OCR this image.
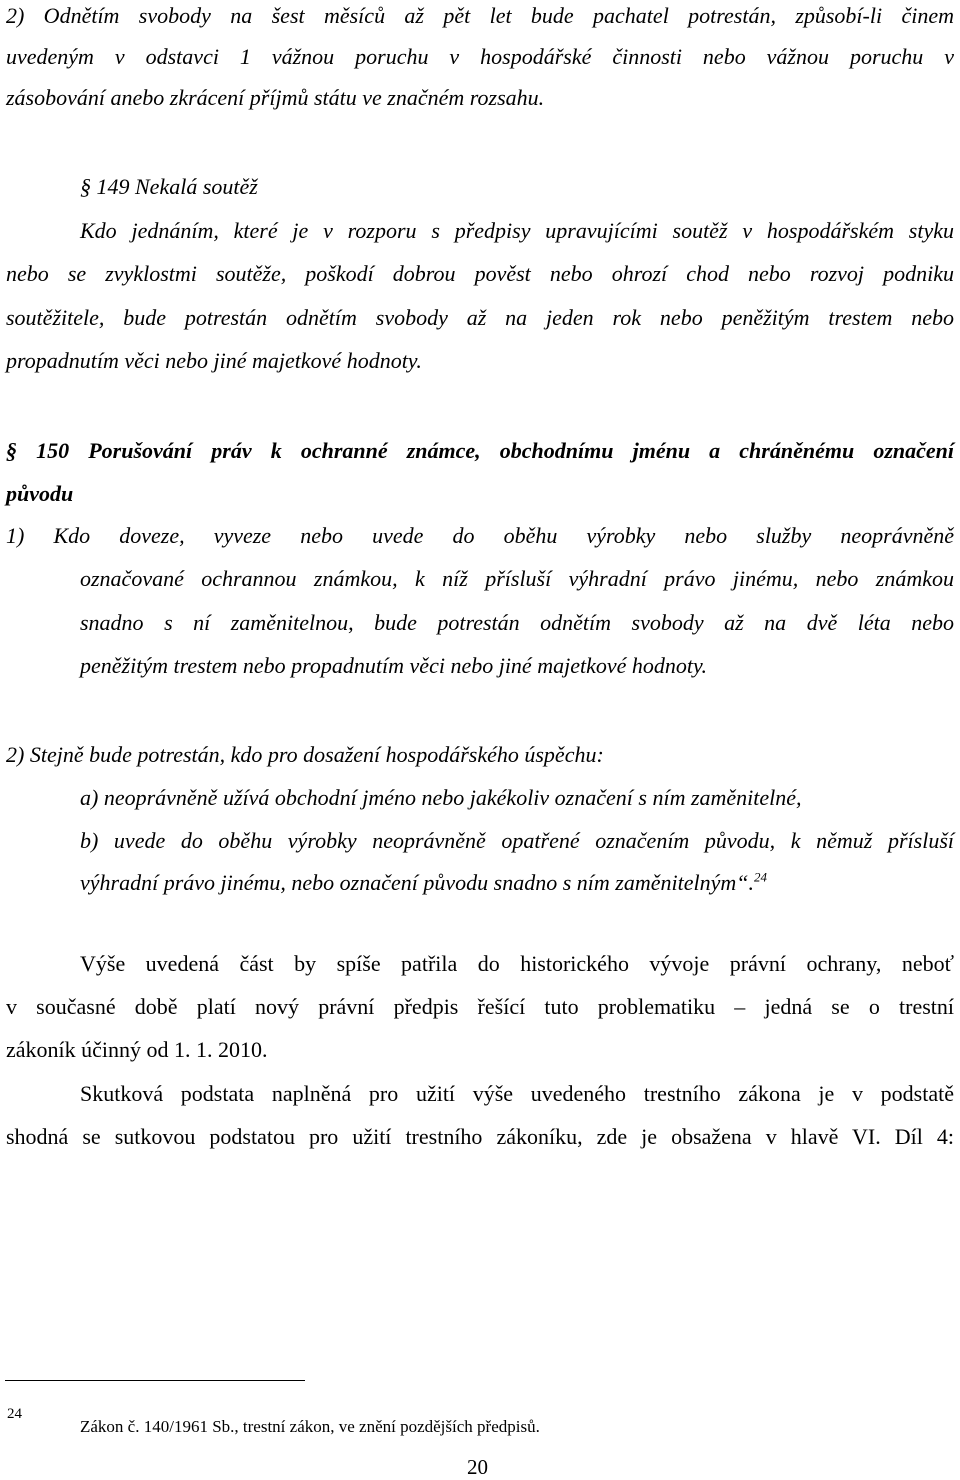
2) Odnětím svobody na šest měsíců až pět let bude pachatel potrestán, způsobí-li činem
uvedeným v odstavci 1 vážnou poruchu v hospodářské činnosti nebo vážnou poruchu v
zásobování anebo zkrácení příjmů státu ve značném rozsahu.
§ 149 Nekalá soutěž
Kdo jednáním, které je v rozporu s předpisy upravujícími soutěž v hospodářském styku
nebo se zvyklostmi soutěže, poškodí dobrou pověst nebo ohrozí chod nebo rozvoj podniku
soutěžitele, bude potrestán odnětím svobody až na jeden rok nebo peněžitým trestem nebo
propadnutím věci nebo jiné majetkové hodnoty.
§ 150 Porušování práv k ochranné známce, obchodnímu jménu a chráněnému označení
původu
1) Kdo doveze, vyveze nebo uvede do oběhu výrobky nebo služby neoprávněně
označované ochrannou známkou, k níž přísluší výhradní právo jinému, nebo známkou
snadno s ní zaměnitelnou, bude potrestán odnětím svobody až na dvě léta nebo
peněžitým trestem nebo propadnutím věci nebo jiné majetkové hodnoty.
2) Stejně bude potrestán, kdo pro dosažení hospodářského úspěchu:
a) neoprávněně užívá obchodní jméno nebo jakékoliv označení s ním zaměnitelné,
b) uvede do oběhu výrobky neoprávněně opatřené označením původu, k němuž přísluší
výhradní právo jinému, nebo označení původu snadno s ním zaměnitelným“.$^{24}$
Výše uvedená část by spíše patřila do historického vývoje právní ochrany, neboť
v současné době platí nový právní předpis řešící tuto problematiku – jedná se o trestní
zákoník účinný od 1. 1. 2010.
Skutková podstata naplněná pro užití výše uvedeného trestního zákona je v podstatě
shodná se sutkovou podstatou pro užití trestního zákoníku, zde je obsažena v hlavě VI. Díl 4:
24
Zákon č. 140/1961 Sb., trestní zákon, ve znění pozdějších předpisů.
20
